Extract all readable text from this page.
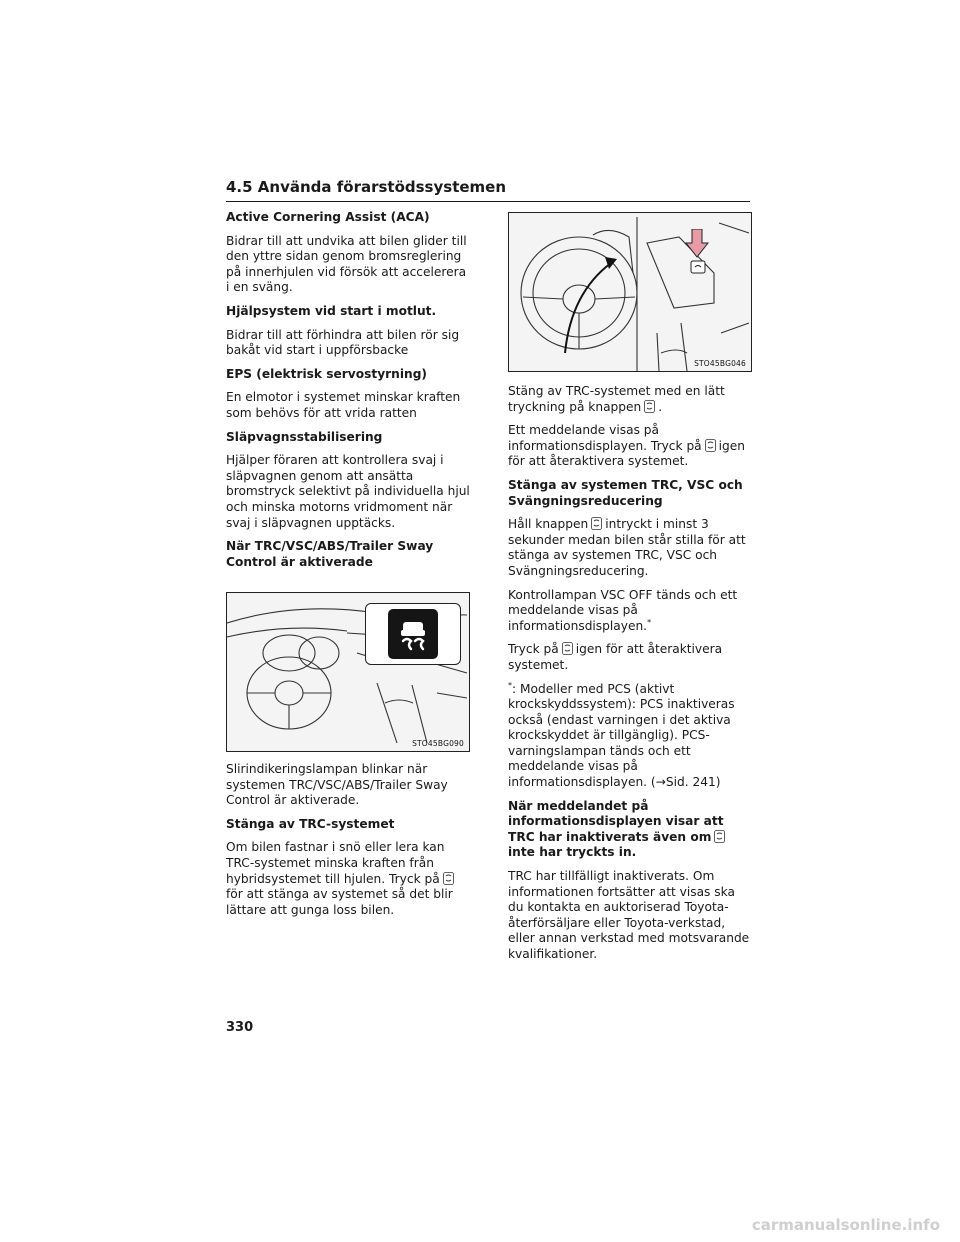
4.5 Använda förarstödssystemen
Active Cornering Assist (ACA)
Bidrar till att undvika att bilen glider till den yttre sidan genom bromsreglering på innerhjulen vid försök att accelerera i en sväng.
Hjälpsystem vid start i motlut.
Bidrar till att förhindra att bilen rör sig bakåt vid start i uppförsbacke
EPS (elektrisk servostyrning)
En elmotor i systemet minskar kraften som behövs för att vrida ratten
Släpvagnsstabilisering
Hjälper föraren att kontrollera svaj i släpvagnen genom att ansätta bromstryck selektivt på individuella hjul och minska motorns vridmoment när svaj i släpvagnen upptäcks.
När TRC/VSC/ABS/Trailer Sway Control är aktiverade
STO45BG090
Slirindikeringslampan blinkar när systemen TRC/VSC/ABS/Trailer Sway Control är aktiverade.
Stänga av TRC-systemet
Om bilen fastnar i snö eller lera kan TRC-systemet minska kraften från hybridsystemet till hjulen. Tryck påför att stänga av systemet så det blir lättare att gunga loss bilen.
STO45BG046
Stäng av TRC-systemet med en lätt tryckning på knappen .
Ett meddelande visas på informationsdisplayen. Tryck på igen för att återaktivera systemet.
Stänga av systemen TRC, VSC och Svängningsreducering
Håll knappen intryckt i minst 3 sekunder medan bilen står stilla för att stänga av systemen TRC, VSC och Svängningsreducering.
Kontrollampan VSC OFF tänds och ett meddelande visas på informationsdisplayen.*
Tryck på igen för att återaktivera systemet.
*: Modeller med PCS (aktivt krockskyddssystem): PCS inaktiveras också (endast varningen i det aktiva krockskyddet är tillgänglig). PCS-varningslampan tänds och ett meddelande visas på informationsdisplayen. (→Sid. 241)
När meddelandet på informationsdisplayen visar att TRC har inaktiverats även ominte har tryckts in.
TRC har tillfälligt inaktiverats. Om informationen fortsätter att visas ska du kontakta en auktoriserad Toyota-återförsäljare eller Toyota-verkstad, eller annan verkstad med motsvarande kvalifikationer.
330
carmanualsonline.info
